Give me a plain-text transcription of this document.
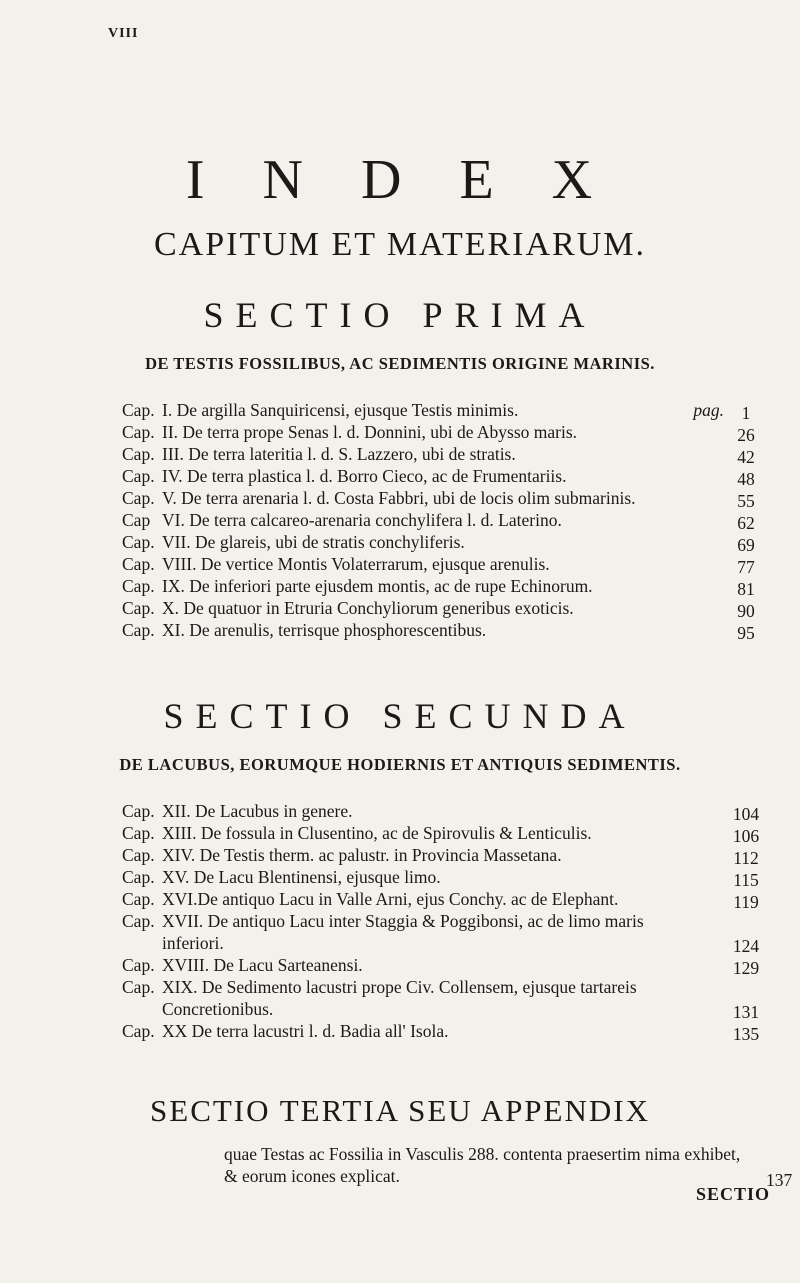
VIII
I N D E X
CAPITUM ET MATERIARUM.
SECTIO PRIMA
DE TESTIS FOSSILIBUS, AC SEDIMENTIS ORIGINE MARINIS.
Cap. I. De argilla Sanquiricensi, ejusque Testis minimis.	pag.	1
Cap. II. De terra prope Senas l. d. Donnini, ubi de Abysso maris.	26
Cap. III. De terra lateritia l. d. S. Lazzero, ubi de stratis.	42
Cap. IV. De terra plastica l. d. Borro Cieco, ac de Frumentariis.	48
Cap. V. De terra arenaria l. d. Costa Fabbri, ubi de locis olim submarinis.	55
Cap VI. De terra calcareo-arenaria conchylifera l. d. Laterino.	62
Cap. VII. De glareis, ubi de stratis conchyliferis.	69
Cap. VIII. De vertice Montis Volaterrarum, ejusque arenulis.	77
Cap. IX. De inferiori parte ejusdem montis, ac de rupe Echinorum.	81
Cap. X. De quatuor in Etruria Conchyliorum generibus exoticis.	90
Cap. XI. De arenulis, terrisque phosphorescentibus.	95
SECTIO SECUNDA
DE LACUBUS, EORUMQUE HODIERNIS ET ANTIQUIS SEDIMENTIS.
Cap. XII. De Lacubus in genere.	104
Cap. XIII. De fossula in Clusentino, ac de Spirovulis & Lenticulis.	106
Cap. XIV. De Testis therm. ac palustr. in Provincia Massetana.	112
Cap. XV. De Lacu Blentinensi, ejusque limo.	115
Cap. XVI.De antiquo Lacu in Valle Arni, ejus Conchy. ac de Elephant.	119
Cap. XVII. De antiquo Lacu inter Staggia & Poggibonsi, ac de limo maris inferiori.	124
Cap. XVIII. De Lacu Sarteanensi.	129
Cap. XIX. De Sedimento lacustri prope Civ. Collensem, ejusque tartareis Concretionibus.	131
Cap. XX De terra lacustri l. d. Badia all' Isola.	135
SECTIO TERTIA SEU APPENDIX
quae Testas ac Fossilia in Vasculis 288. contenta praesertim nima exhibet, & eorum icones explicat.	137
SECTIO
